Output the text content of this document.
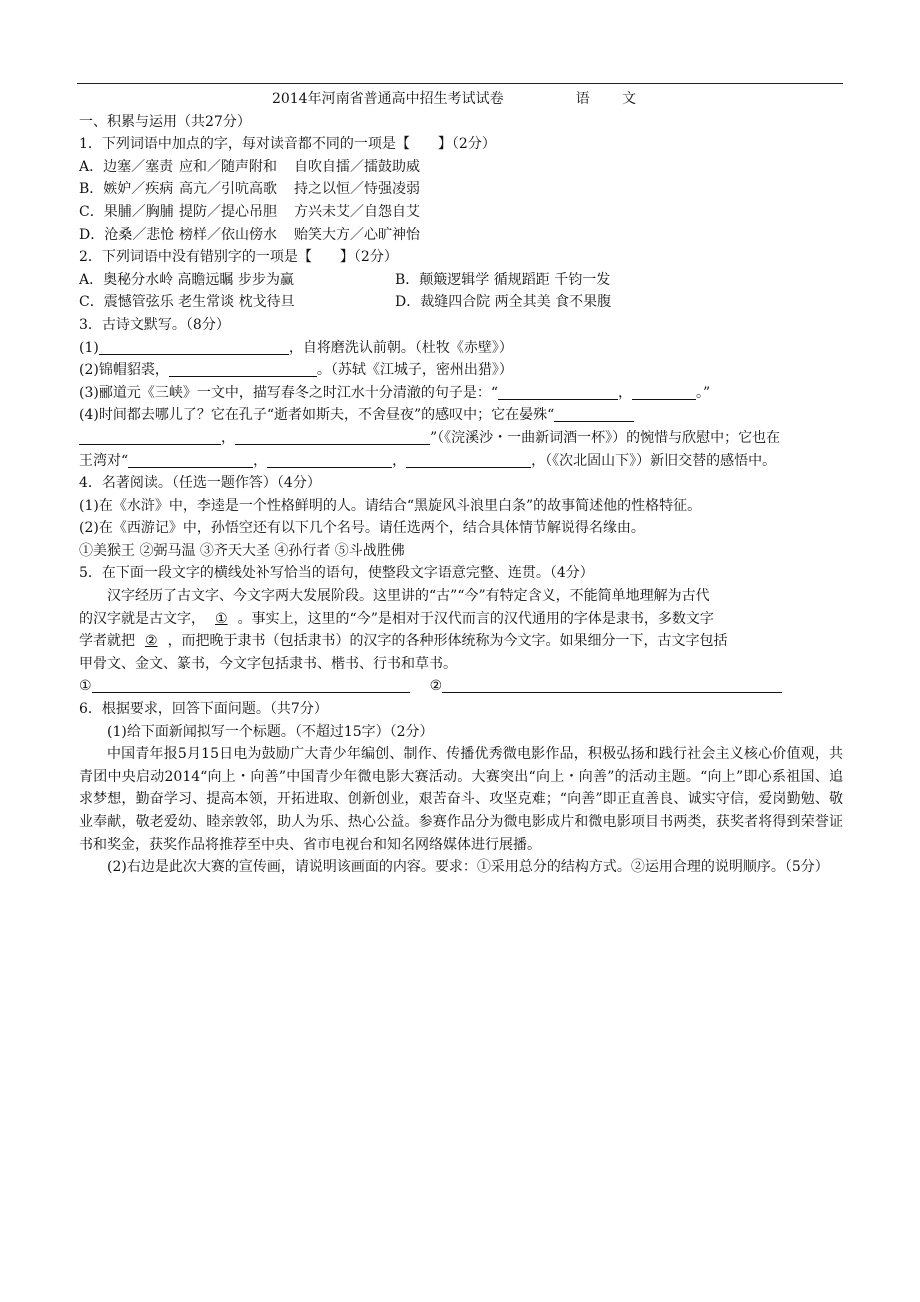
2014年河南省普通高中招生考试试卷	语 文
一、积累与运用（共27分）
1．下列词语中加点的字，每对读音都不同的一项是【　　】（2分）
A．边塞／塞责 应和／随声附和	自吹自擂／擂鼓助威
B．嫉妒／疾病 高亢／引吭高歌	持之以恒／恃强凌弱
C．果脯／胸脯 提防／提心吊胆	方兴未艾／自怨自艾
D．沧桑／悲怆 榜样／依山傍水	贻笑大方／心旷神怡
2．下列词语中没有错别字的一项是【　　】（2分）
A．奥秘分水岭 高瞻远瞩 步步为赢	B．颠簸逻辑学 循规蹈距 千钧一发
C．震憾管弦乐 老生常谈 枕戈待旦	D．裁缝四合院 两全其美 食不果腹
3．古诗文默写。（8分）
(1)	，自将磨洗认前朝。（杜牧《赤壁》）
(2)锦帽貂裘，	。（苏轼《江城子，密州出猎》）
(3)郦道元《三峡》一文中，描写春冬之时江水十分清澈的句子是：“	，	。”
(4)时间都去哪儿了？它在孔子“逝者如斯夫，不舍昼夜”的感叹中；它在晏殊“
，	”（《浣溪沙・一曲新词酒一杯》）的惋惜与欣慰中；它也在
王湾对“	，	，	，（《次北固山下》）新旧交替的感悟中。
4．名著阅读。（任选一题作答）（4分）
(1)在《水浒》中，李逵是一个性格鲜明的人。请结合“黑旋风斗浪里白条”的故事简述他的性格特征。
(2)在《西游记》中，孙悟空还有以下几个名号。请任选两个，结合具体情节解说得名缘由。
①美猴王 ②弼马温 ③齐天大圣 ④孙行者 ⑤斗战胜佛
5．在下面一段文字的横线处补写恰当的语句，使整段文字语意完整、连贯。（4分）
汉字经历了古文字、今文字两大发展阶段。这里讲的“古”“今”有特定含义，不能简单地理解为古代
的汉字就是古文字， ① 。事实上，这里的“今”是相对于汉代而言的汉代通用的字体是隶书，多数文字
学者就把 ② ，而把晚于隶书（包括隶书）的汉字的各种形体统称为今文字。如果细分一下，古文字包括
甲骨文、金文、篆书，今文字包括隶书、楷书、行书和草书。
①	②
6．根据要求，回答下面问题。（共7分）
(1)给下面新闻拟写一个标题。（不超过15字）（2分）
中国青年报5月15日电为鼓励广大青少年编创、制作、传播优秀微电影作品，积极弘扬和践行社会主义核心价值观，共青团中央启动2014“向上・向善”中国青少年微电影大赛活动。大赛突出“向上・向善”的活动主题。“向上”即心系祖国、追求梦想，勤奋学习、提高本领，开拓进取、创新创业，艰苦奋斗、攻坚克难；“向善”即正直善良、诚实守信，爱岗勤勉、敬业奉献，敬老爱幼、睦亲敦邻，助人为乐、热心公益。参赛作品分为微电影成片和微电影项目书两类，获奖者将得到荣誉证书和奖金，获奖作品将推荐至中央、省市电视台和知名网络媒体进行展播。
(2)右边是此次大赛的宣传画，请说明该画面的内容。要求：①采用总分的结构方式。②运用合理的说明顺序。（5分）
